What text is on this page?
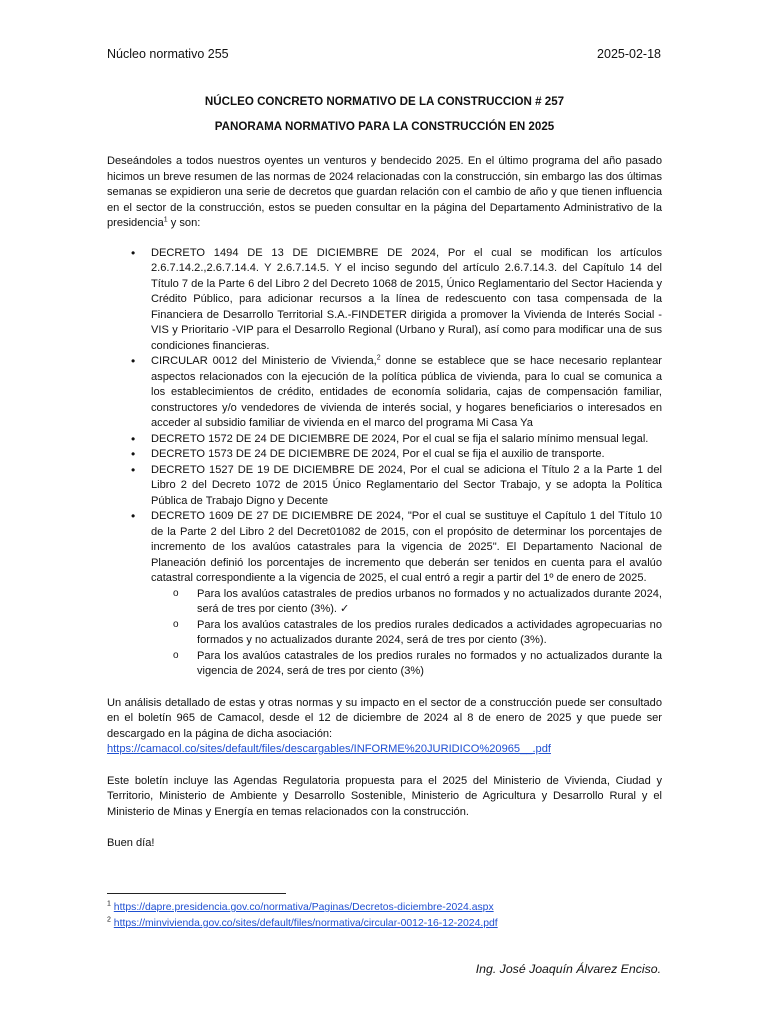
Núcleo normativo 255	2025-02-18

NÚCLEO CONCRETO NORMATIVO DE LA CONSTRUCCION # 257

PANORAMA NORMATIVO PARA LA CONSTRUCCIÓN EN 2025

Deseándoles a todos nuestros oyentes un venturos y bendecido 2025. En el último programa del año pasado hicimos un breve resumen de las normas de 2024 relacionadas con la construcción, sin embargo las dos últimas semanas se expidieron una serie de decretos que guardan relación con el cambio de año y que tienen influencia en el sector de la construcción, estos se pueden consultar en la página del Departamento Administrativo de la presidencia$^1$ y son:

• DECRETO 1494 DE 13 DE DICIEMBRE DE 2024, Por el cual se modifican los artículos 2.6.7.14.2.,2.6.7.14.4. Y 2.6.7.14.5. Y el inciso segundo del artículo 2.6.7.14.3. del Capítulo 14 del Título 7 de la Parte 6 del Libro 2 del Decreto 1068 de 2015, Único Reglamentario del Sector Hacienda y Crédito Público, para adicionar recursos a la línea de redescuento con tasa compensada de la Financiera de Desarrollo Territorial S.A.-FINDETER dirigida a promover la Vivienda de Interés Social -VIS y Prioritario -VIP para el Desarrollo Regional (Urbano y Rural), así como para modificar una de sus condiciones financieras.
• CIRCULAR 0012 del Ministerio de Vivienda,$^2$ donne se establece que se hace necesario replantear aspectos relacionados con la ejecución de la política pública de vivienda, para lo cual se comunica a los establecimientos de crédito, entidades de economía solidaria, cajas de compensación familiar, constructores y/o vendedores de vivienda de interés social, y hogares beneficiarios o interesados en acceder al subsidio familiar de vivienda en el marco del programa Mi Casa Ya
• DECRETO 1572 DE 24 DE DICIEMBRE DE 2024, Por el cual se fija el salario mínimo mensual legal.
• DECRETO 1573 DE 24 DE DICIEMBRE DE 2024, Por el cual se fija el auxilio de transporte.
• DECRETO 1527 DE 19 DE DICIEMBRE DE 2024, Por el cual se adiciona el Título 2 a la Parte 1 del Libro 2 del Decreto 1072 de 2015 Único Reglamentario del Sector Trabajo, y se adopta la Política Pública de Trabajo Digno y Decente
• DECRETO 1609 DE 27 DE DICIEMBRE DE 2024, "Por el cual se sustituye el Capítulo 1 del Título 10 de la Parte 2 del Libro 2 del Decret01082 de 2015, con el propósito de determinar los porcentajes de incremento de los avalúos catastrales para la vigencia de 2025". El Departamento Nacional de Planeación definió los porcentajes de incremento que deberán ser tenidos en cuenta para el avalúo catastral correspondiente a la vigencia de 2025, el cual entró a regir a partir del 1º de enero de 2025.
o Para los avalúos catastrales de predios urbanos no formados y no actualizados durante 2024, será de tres por ciento (3%). ✓
o Para los avalúos catastrales de los predios rurales dedicados a actividades agropecuarias no formados y no actualizados durante 2024, será de tres por ciento (3%).
o Para los avalúos catastrales de los predios rurales no formados y no actualizados durante la vigencia de 2024, será de tres por ciento (3%)

Un análisis detallado de estas y otras normas y su impacto en el sector de a construcción puede ser consultado en el boletín 965 de Camacol, desde el 12 de diciembre de 2024 al 8 de enero de 2025 y que puede ser descargado en la página de dicha asociación:
https://camacol.co/sites/default/files/descargables/INFORME%20JURIDICO%20965__.pdf

Este boletín incluye las Agendas Regulatoria propuesta para el 2025 del Ministerio de Vivienda, Ciudad y Territorio, Ministerio de Ambiente y Desarrollo Sostenible, Ministerio de Agricultura y Desarrollo Rural y el Ministerio de Minas y Energía en temas relacionados con la construcción.

Buen día!

$^1$ https://dapre.presidencia.gov.co/normativa/Paginas/Decretos-diciembre-2024.aspx
$^2$ https://minvivienda.gov.co/sites/default/files/normativa/circular-0012-16-12-2024.pdf
Ing. José Joaquín Álvarez Enciso.
